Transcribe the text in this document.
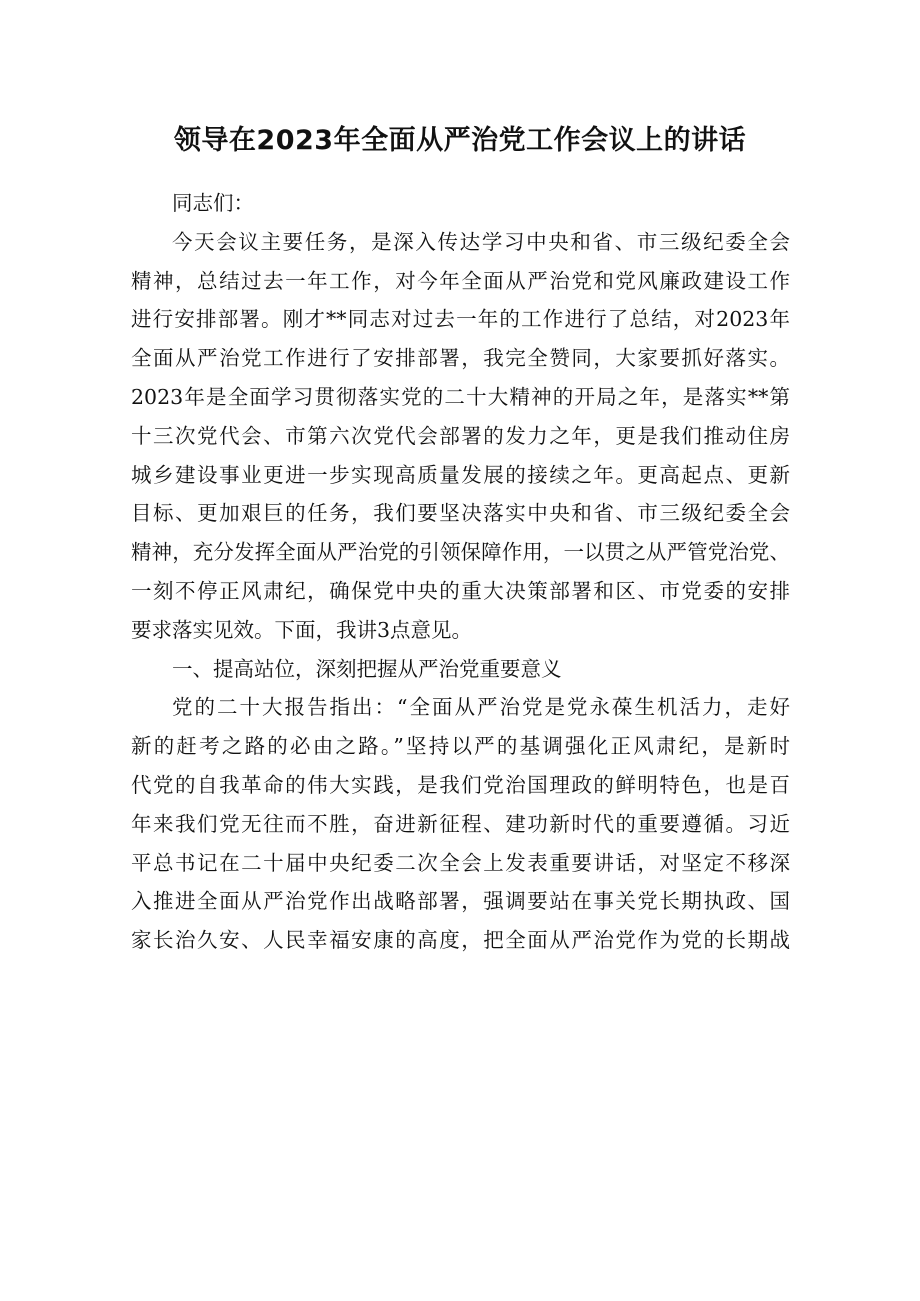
领导在2023年全面从严治党工作会议上的讲话
同志们：
今天会议主要任务，是深入传达学习中央和省、市三级纪委全会
精神，总结过去一年工作，对今年全面从严治党和党风廉政建设工作
进行安排部署。刚才**同志对过去一年的工作进行了总结，对2023年
全面从严治党工作进行了安排部署，我完全赞同，大家要抓好落实。
2023年是全面学习贯彻落实党的二十大精神的开局之年，是落实**第
十三次党代会、市第六次党代会部署的发力之年，更是我们推动住房
城乡建设事业更进一步实现高质量发展的接续之年。更高起点、更新
目标、更加艰巨的任务，我们要坚决落实中央和省、市三级纪委全会
精神，充分发挥全面从严治党的引领保障作用，一以贯之从严管党治党、
一刻不停正风肃纪，确保党中央的重大决策部署和区、市党委的安排
要求落实见效。下面，我讲3点意见。
一、提高站位，深刻把握从严治党重要意义
党的二十大报告指出：“全面从严治党是党永葆生机活力，走好
新的赶考之路的必由之路。”坚持以严的基调强化正风肃纪，是新时
代党的自我革命的伟大实践，是我们党治国理政的鲜明特色，也是百
年来我们党无往而不胜，奋进新征程、建功新时代的重要遵循。习近
平总书记在二十届中央纪委二次全会上发表重要讲话，对坚定不移深
入推进全面从严治党作出战略部署，强调要站在事关党长期执政、国
家长治久安、人民幸福安康的高度，把全面从严治党作为党的长期战
